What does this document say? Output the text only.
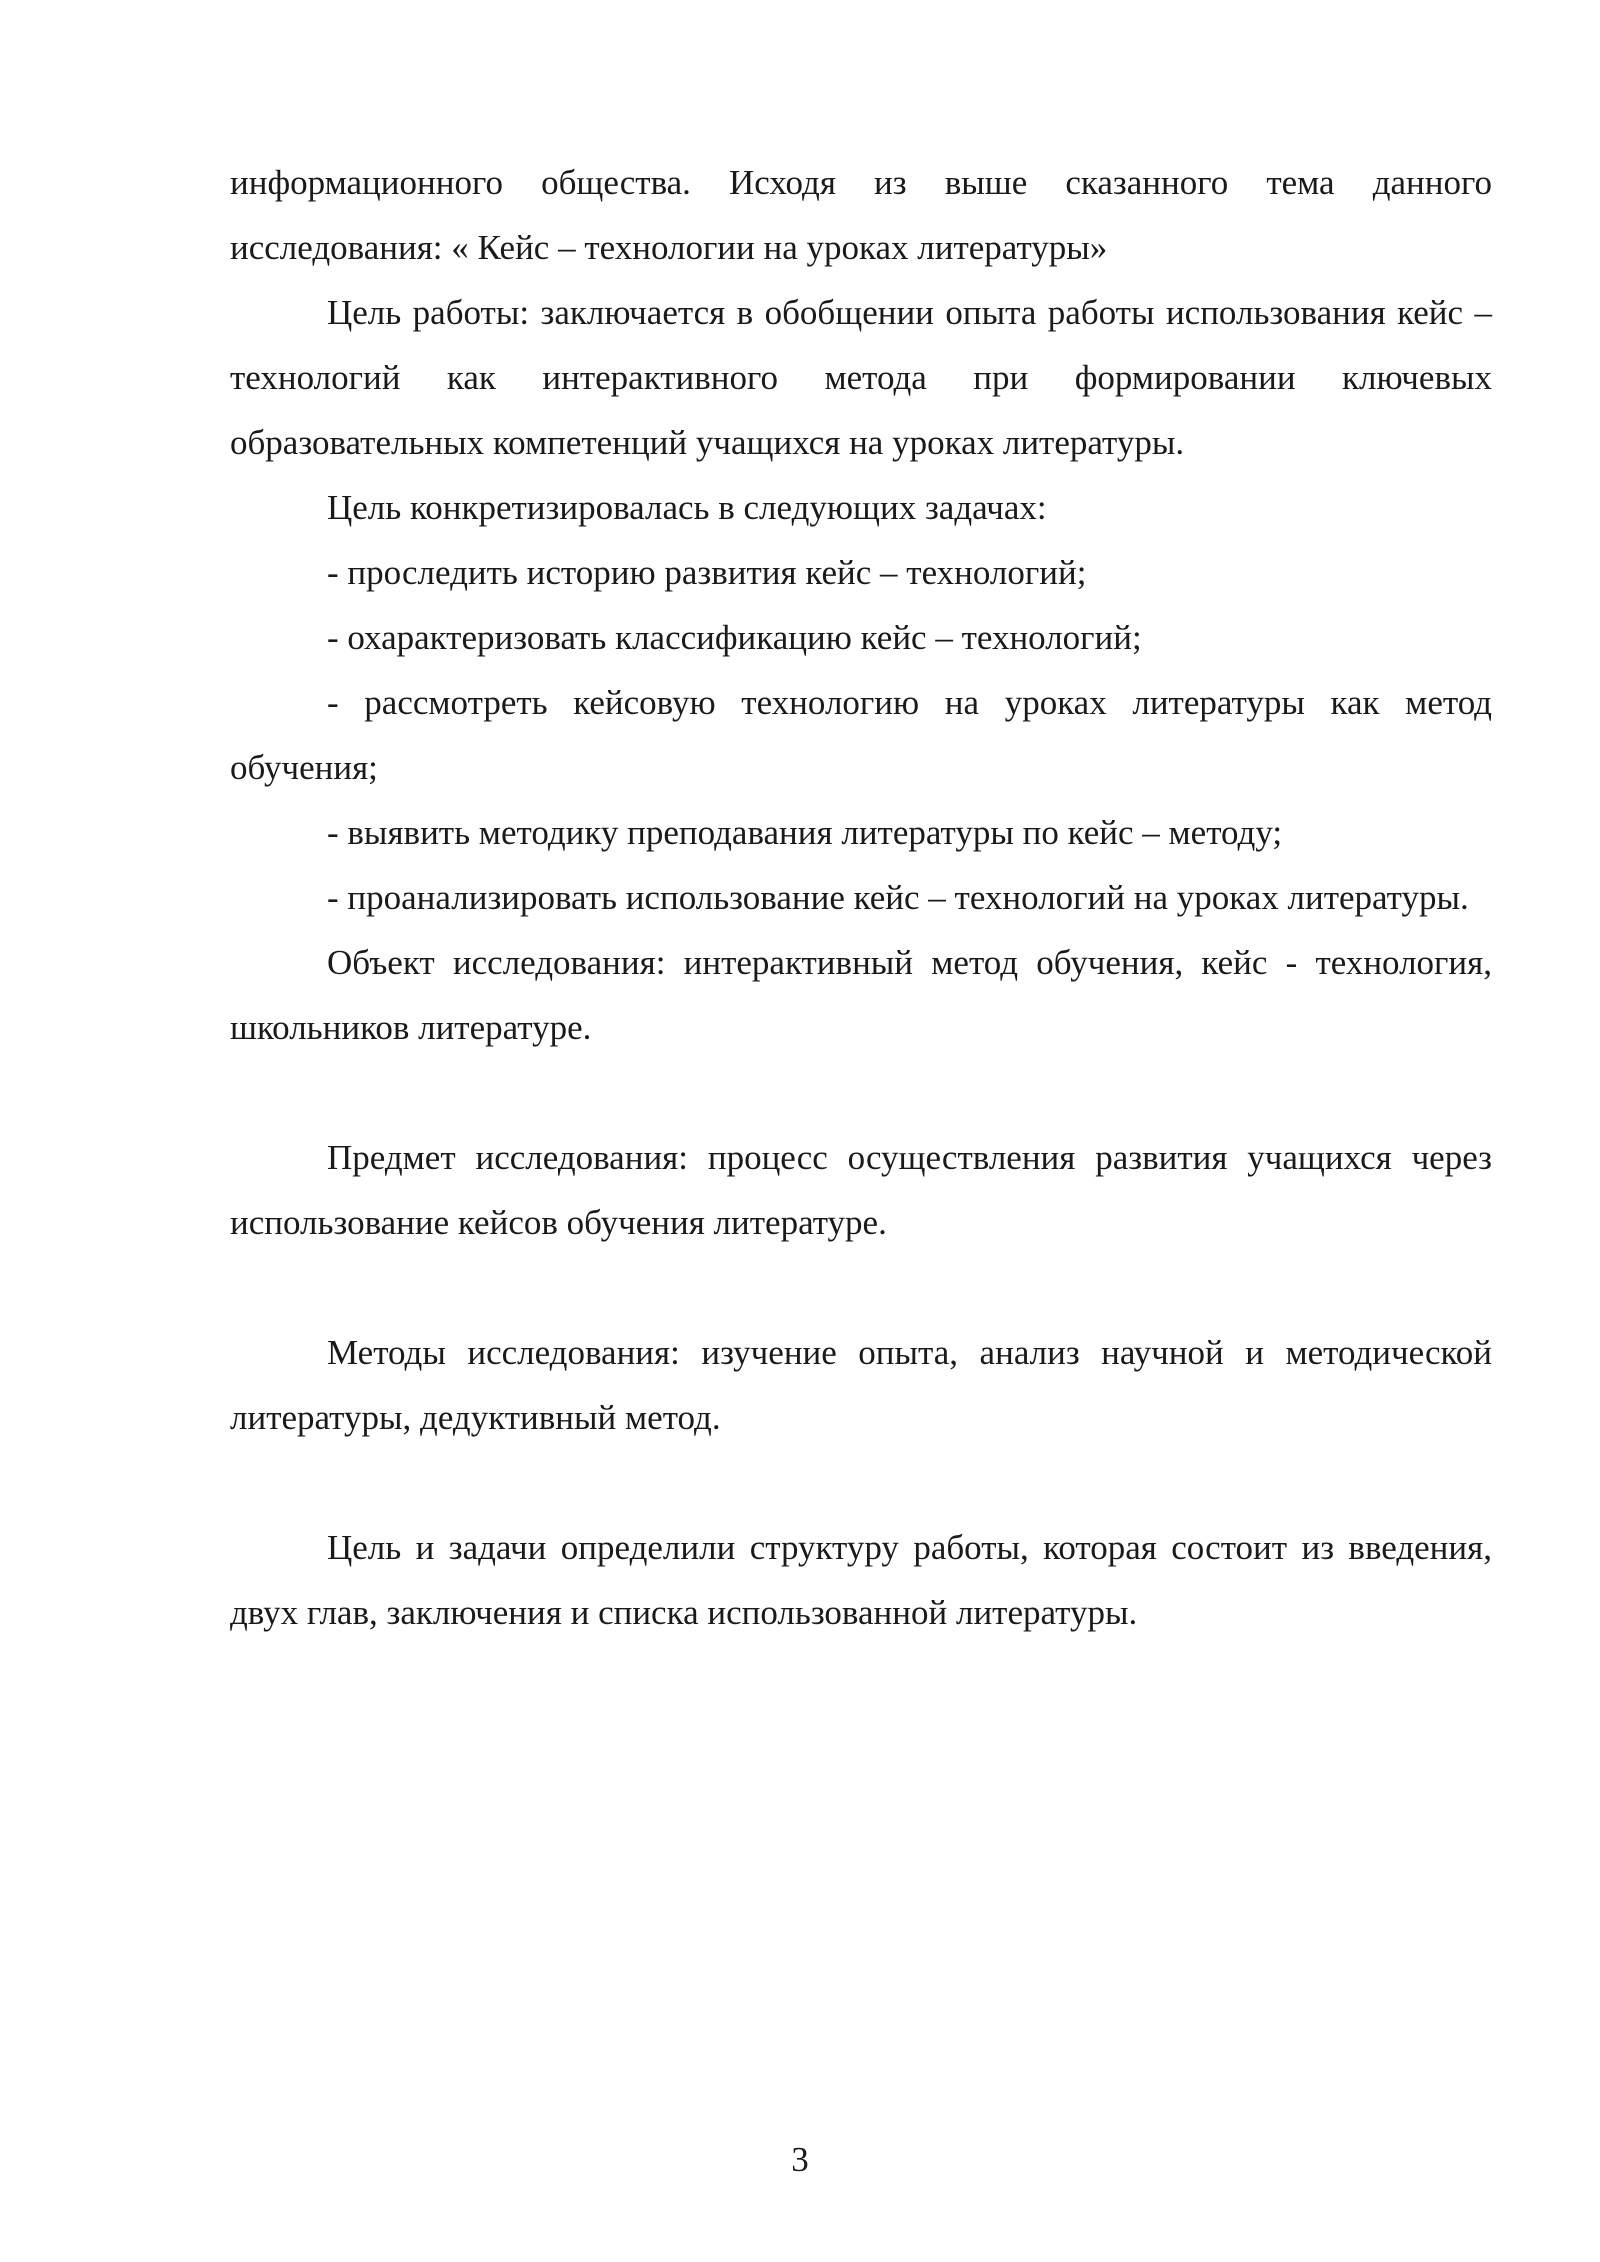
информационного общества. Исходя из выше сказанного тема данного исследования: « Кейс – технологии на уроках литературы»

Цель работы: заключается в обобщении опыта работы использования кейс – технологий как интерактивного метода при формировании ключевых образовательных компетенций учащихся на уроках литературы.

Цель конкретизировалась в следующих задачах:

- проследить историю развития кейс – технологий;

- охарактеризовать классификацию кейс – технологий;

- рассмотреть кейсовую технологию на уроках литературы как метод обучения;

- выявить методику преподавания литературы по кейс – методу;

- проанализировать использование кейс – технологий на уроках литературы.

Объект исследования: интерактивный метод обучения, кейс - технология, школьников литературе.

Предмет исследования: процесс осуществления развития учащихся через использование кейсов обучения литературе.

Методы исследования: изучение опыта, анализ научной и методической литературы, дедуктивный метод.

Цель и задачи определили структуру работы, которая состоит из введения, двух глав, заключения и списка использованной литературы.

3
